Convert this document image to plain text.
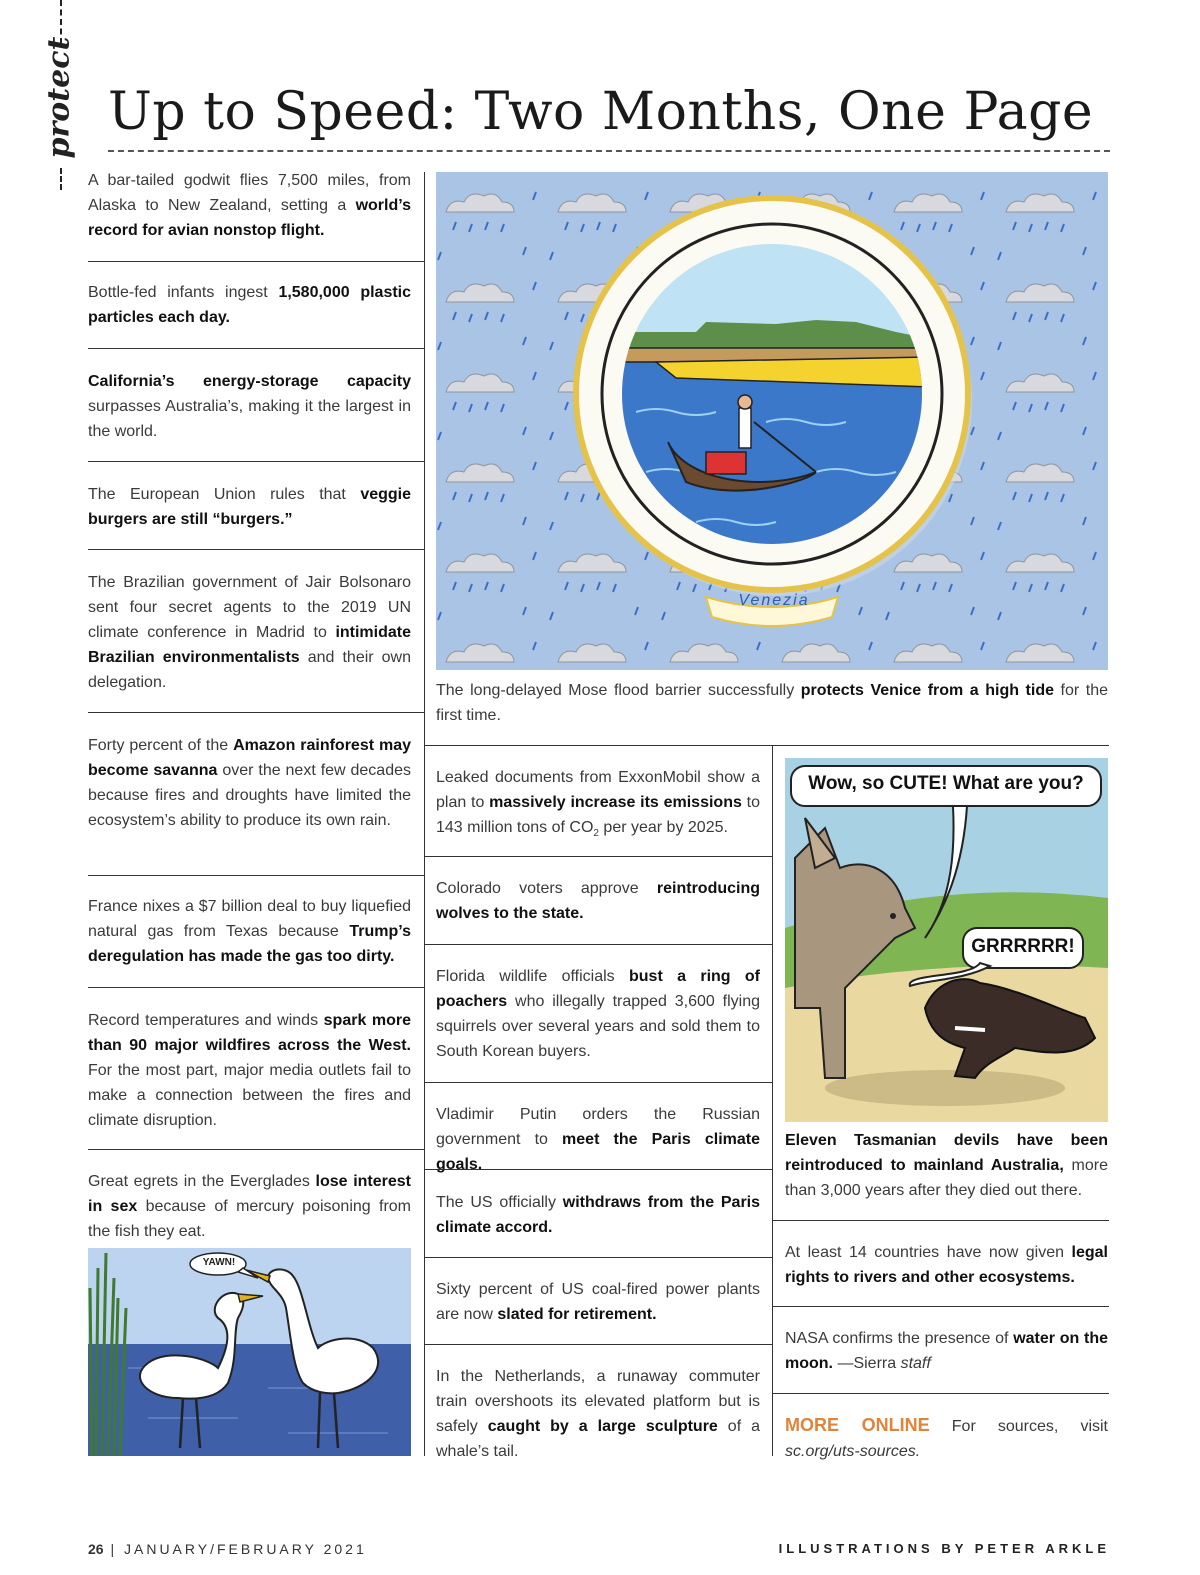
protect Up to Speed: Two Months, One Page
A bar-tailed godwit flies 7,500 miles, from Alaska to New Zealand, setting a world’s record for avian nonstop flight.
Bottle-fed infants ingest 1,580,000 plastic particles each day.
California’s energy-storage capacity surpasses Australia’s, making it the largest in the world.
The European Union rules that veggie burgers are still “burgers.”
The Brazilian government of Jair Bolsonaro sent four secret agents to the 2019 UN climate conference in Madrid to intimidate Brazilian environmentalists and their own delegation.
Forty percent of the Amazon rainforest may become savanna over the next few decades because fires and droughts have limited the ecosystem’s ability to produce its own rain.
France nixes a $7 billion deal to buy liquefied natural gas from Texas because Trump’s deregulation has made the gas too dirty.
Record temperatures and winds spark more than 90 major wildfires across the West. For the most part, major media outlets fail to make a connection between the fires and climate disruption.
Great egrets in the Everglades lose interest in sex because of mercury poisoning from the fish they eat.
YAWN!
Venezia
The long-delayed Mose flood barrier successfully protects Venice from a high tide for the first time.
Leaked documents from ExxonMobil show a plan to massively increase its emissions to 143 million tons of $CO_2$ per year by 2025.
Colorado voters approve reintroducing wolves to the state.
Florida wildlife officials bust a ring of poachers who illegally trapped 3,600 flying squirrels over several years and sold them to South Korean buyers.
Vladimir Putin orders the Russian government to meet the Paris climate goals.
The US officially withdraws from the Paris climate accord.
Sixty percent of US coal-fired power plants are now slated for retirement.
In the Netherlands, a runaway commuter train overshoots its elevated platform but is safely caught by a large sculpture of a whale’s tail.
Wow, so CUTE! What are you?
GRRRRRR!
Eleven Tasmanian devils have been reintroduced to mainland Australia, more than 3,000 years after they died out there.
At least 14 countries have now given legal rights to rivers and other ecosystems.
NASA confirms the presence of water on the moon. —Sierra staff
MORE ONLINE For sources, visit sc.org/uts-sources.
26 | JANUARY/FEBRUARY 2021	ILLUSTRATIONS BY PETER ARKLE
